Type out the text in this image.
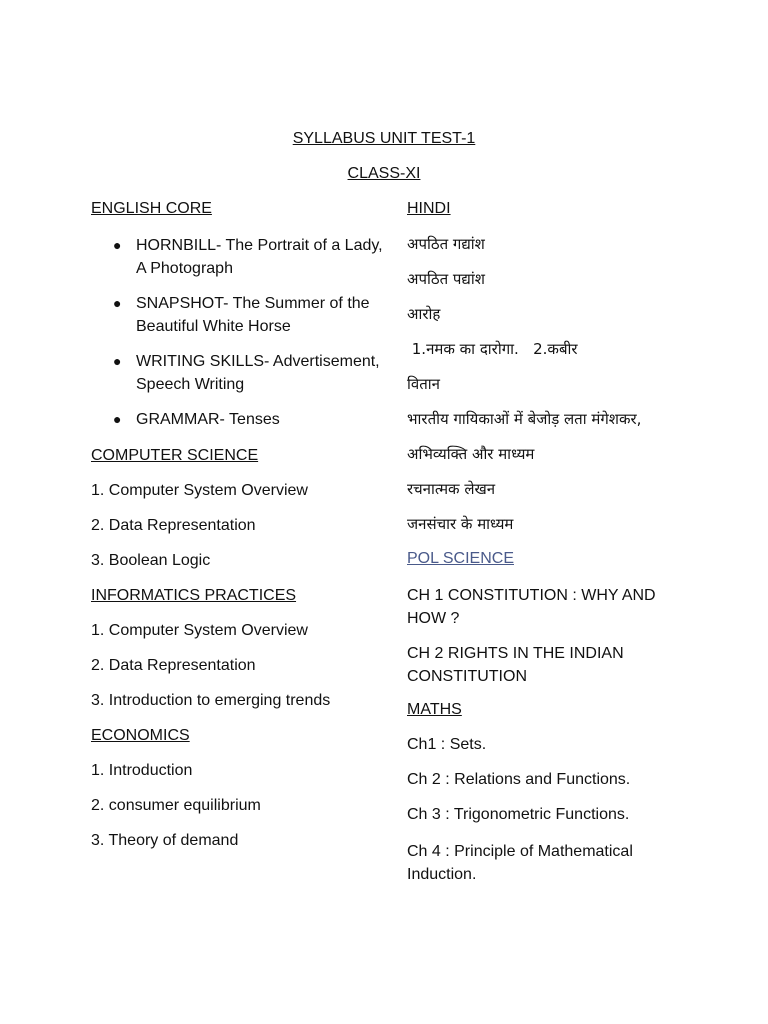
SYLLABUS UNIT TEST-1
CLASS-XI
ENGLISH CORE
● HORNBILL- The Portrait of a Lady, A Photograph
● SNAPSHOT- The Summer of the Beautiful White Horse
● WRITING SKILLS- Advertisement, Speech Writing
● GRAMMAR- Tenses
COMPUTER SCIENCE
1. Computer System Overview
2. Data Representation
3. Boolean Logic
INFORMATICS PRACTICES
1. Computer System Overview
2. Data Representation
3. Introduction to emerging trends
ECONOMICS
1. Introduction
2. consumer equilibrium
3. Theory of demand
HINDI
अपठित गद्यांश
अपठित पद्यांश
आरोह
1.नमक का दारोगा.   2.कबीर
वितान
भारतीय गायिकाओं में बेजोड़ लता मंगेशकर,
अभिव्यक्ति और माध्यम
रचनात्मक लेखन
जनसंचार के माध्यम
POL SCIENCE
CH 1 CONSTITUTION : WHY AND HOW ?
CH 2 RIGHTS IN THE INDIAN CONSTITUTION
MATHS
Ch1 : Sets.
Ch 2 : Relations and Functions.
Ch 3 : Trigonometric Functions.
Ch 4 : Principle of Mathematical Induction.
